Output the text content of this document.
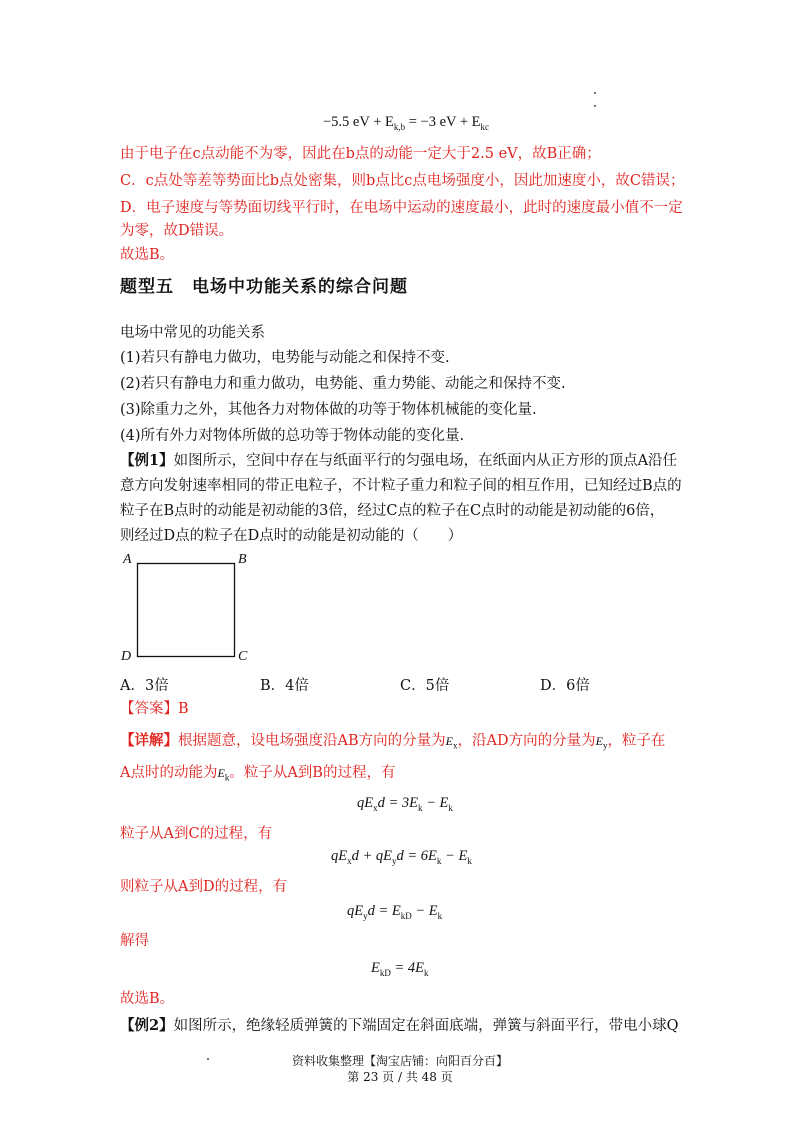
−5.5 eV + $E_{k,b} = -3$ eV + $E_{kc}$
由于电子在c点动能不为零，因此在b点的动能一定大于2.5 eV，故B正确；
C．c点处等差等势面比b点处密集，则b点比c点电场强度小，因此加速度小，故C错误；
D．电子速度与等势面切线平行时，在电场中运动的速度最小，此时的速度最小值不一定
为零，故D错误。
故选B。
题型五　电场中功能关系的综合问题
电场中常见的功能关系
(1)若只有静电力做功，电势能与动能之和保持不变.
(2)若只有静电力和重力做功，电势能、重力势能、动能之和保持不变.
(3)除重力之外，其他各力对物体做的功等于物体机械能的变化量.
(4)所有外力对物体所做的总功等于物体动能的变化量.
【例1】如图所示，空间中存在与纸面平行的匀强电场，在纸面内从正方形的顶点A沿任
意方向发射速率相同的带正电粒子，不计粒子重力和粒子间的相互作用，已知经过B点的
粒子在B点时的动能是初动能的3倍，经过C点的粒子在C点时的动能是初动能的6倍，
则经过D点的粒子在D点时的动能是初动能的（　　）
A	B
C
D
A．3倍	B．4倍	C．5倍	D．6倍
【答案】B
【详解】根据题意，设电场强度沿AB方向的分量为$E_x$，沿AD方向的分量为$E_y$，粒子在
A点时的动能为$E_k$。粒子从A到B的过程，有
$qE_xd = 3E_k - E_k$
粒子从A到C的过程，有
$qE_xd + qE_yd = 6E_k - E_k$
则粒子从A到D的过程，有
$qE_yd = E_{kD} - E_k$
解得
$E_{kD} = 4E_k$
故选B。
【例2】如图所示，绝缘轻质弹簧的下端固定在斜面底端，弹簧与斜面平行，带电小球Q
资料收集整理【淘宝店铺：向阳百分百】
第 23 页 / 共 48 页
